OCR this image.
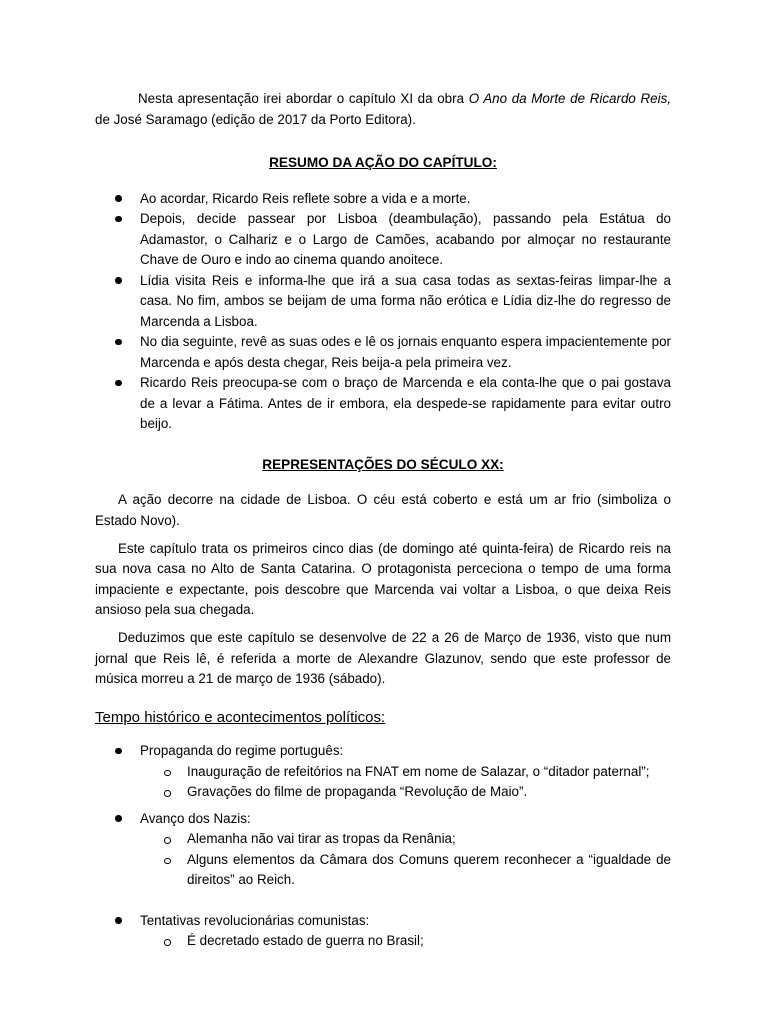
Nesta apresentação irei abordar o capítulo XI da obra O Ano da Morte de Ricardo Reis, de José Saramago (edição de 2017 da Porto Editora).

RESUMO DA AÇÃO DO CAPÍTULO:

Ao acordar, Ricardo Reis reflete sobre a vida e a morte.
Depois, decide passear por Lisboa (deambulação), passando pela Estátua do Adamastor, o Calhariz e o Largo de Camões, acabando por almoçar no restaurante Chave de Ouro e indo ao cinema quando anoitece.
Lídia visita Reis e informa-lhe que irá a sua casa todas as sextas-feiras limpar-lhe a casa. No fim, ambos se beijam de uma forma não erótica e Lídia diz-lhe do regresso de Marcenda a Lisboa.
No dia seguinte, revê as suas odes e lê os jornais enquanto espera impacientemente por Marcenda e após desta chegar, Reis beija-a pela primeira vez.
Ricardo Reis preocupa-se com o braço de Marcenda e ela conta-lhe que o pai gostava de a levar a Fátima. Antes de ir embora, ela despede-se rapidamente para evitar outro beijo.

REPRESENTAÇÕES DO SÉCULO XX:

A ação decorre na cidade de Lisboa. O céu está coberto e está um ar frio (simboliza o Estado Novo).

Este capítulo trata os primeiros cinco dias (de domingo até quinta-feira) de Ricardo reis na sua nova casa no Alto de Santa Catarina. O protagonista perceciona o tempo de uma forma impaciente e expectante, pois descobre que Marcenda vai voltar a Lisboa, o que deixa Reis ansioso pela sua chegada.

Deduzimos que este capítulo se desenvolve de 22 a 26 de Março de 1936, visto que num jornal que Reis lê, é referida a morte de Alexandre Glazunov, sendo que este professor de música morreu a 21 de março de 1936 (sábado).

Tempo histórico e acontecimentos políticos:

Propaganda do regime português:
Inauguração de refeitórios na FNAT em nome de Salazar, o “ditador paternal”;
Gravações do filme de propaganda “Revolução de Maio”.
Avanço dos Nazis:
Alemanha não vai tirar as tropas da Renânia;
Alguns elementos da Câmara dos Comuns querem reconhecer a “igualdade de direitos” ao Reich.
Tentativas revolucionárias comunistas:
É decretado estado de guerra no Brasil;
